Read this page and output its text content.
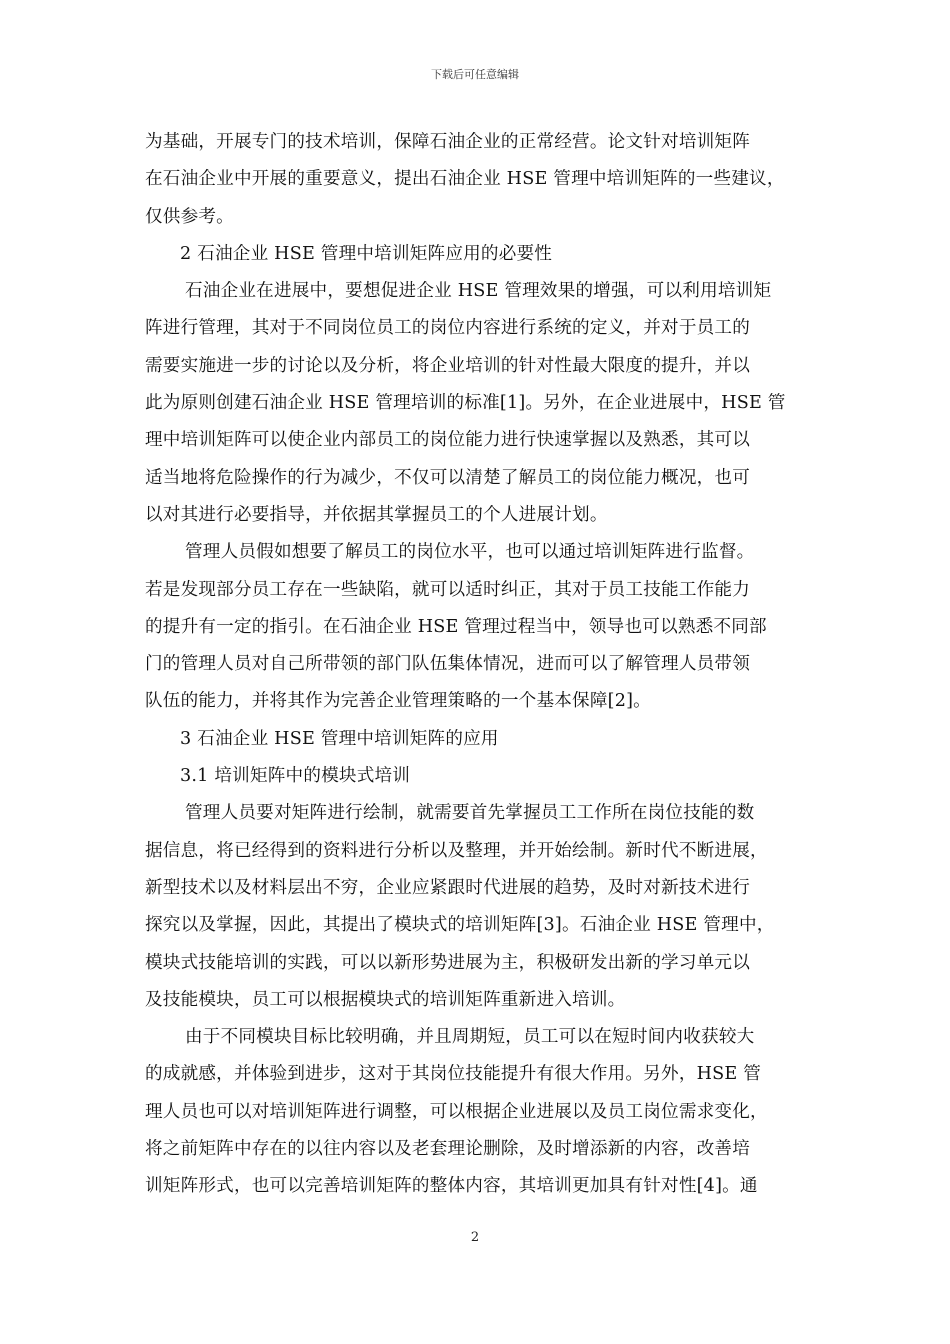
下载后可任意编辑
为基础，开展专门的技术培训，保障石油企业的正常经营。论文针对培训矩阵
在石油企业中开展的重要意义，提出石油企业 HSE 管理中培训矩阵的一些建议，
仅供参考。
2 石油企业 HSE 管理中培训矩阵应用的必要性
石油企业在进展中，要想促进企业 HSE 管理效果的增强，可以利用培训矩
阵进行管理，其对于不同岗位员工的岗位内容进行系统的定义，并对于员工的
需要实施进一步的讨论以及分析，将企业培训的针对性最大限度的提升，并以
此为原则创建石油企业 HSE 管理培训的标准[1]。另外，在企业进展中，HSE 管
理中培训矩阵可以使企业内部员工的岗位能力进行快速掌握以及熟悉，其可以
适当地将危险操作的行为减少，不仅可以清楚了解员工的岗位能力概况，也可
以对其进行必要指导，并依据其掌握员工的个人进展计划。
管理人员假如想要了解员工的岗位水平，也可以通过培训矩阵进行监督。
若是发现部分员工存在一些缺陷，就可以适时纠正，其对于员工技能工作能力
的提升有一定的指引。在石油企业 HSE 管理过程当中，领导也可以熟悉不同部
门的管理人员对自己所带领的部门队伍集体情况，进而可以了解管理人员带领
队伍的能力，并将其作为完善企业管理策略的一个基本保障[2]。
3 石油企业 HSE 管理中培训矩阵的应用
3.1 培训矩阵中的模块式培训
管理人员要对矩阵进行绘制，就需要首先掌握员工工作所在岗位技能的数
据信息，将已经得到的资料进行分析以及整理，并开始绘制。新时代不断进展，
新型技术以及材料层出不穷，企业应紧跟时代进展的趋势，及时对新技术进行
探究以及掌握，因此，其提出了模块式的培训矩阵[3]。石油企业 HSE 管理中，
模块式技能培训的实践，可以以新形势进展为主，积极研发出新的学习单元以
及技能模块，员工可以根据模块式的培训矩阵重新进入培训。
由于不同模块目标比较明确，并且周期短，员工可以在短时间内收获较大
的成就感，并体验到进步，这对于其岗位技能提升有很大作用。另外，HSE 管
理人员也可以对培训矩阵进行调整，可以根据企业进展以及员工岗位需求变化，
将之前矩阵中存在的以往内容以及老套理论删除，及时增添新的内容，改善培
训矩阵形式，也可以完善培训矩阵的整体内容，其培训更加具有针对性[4]。通
2
